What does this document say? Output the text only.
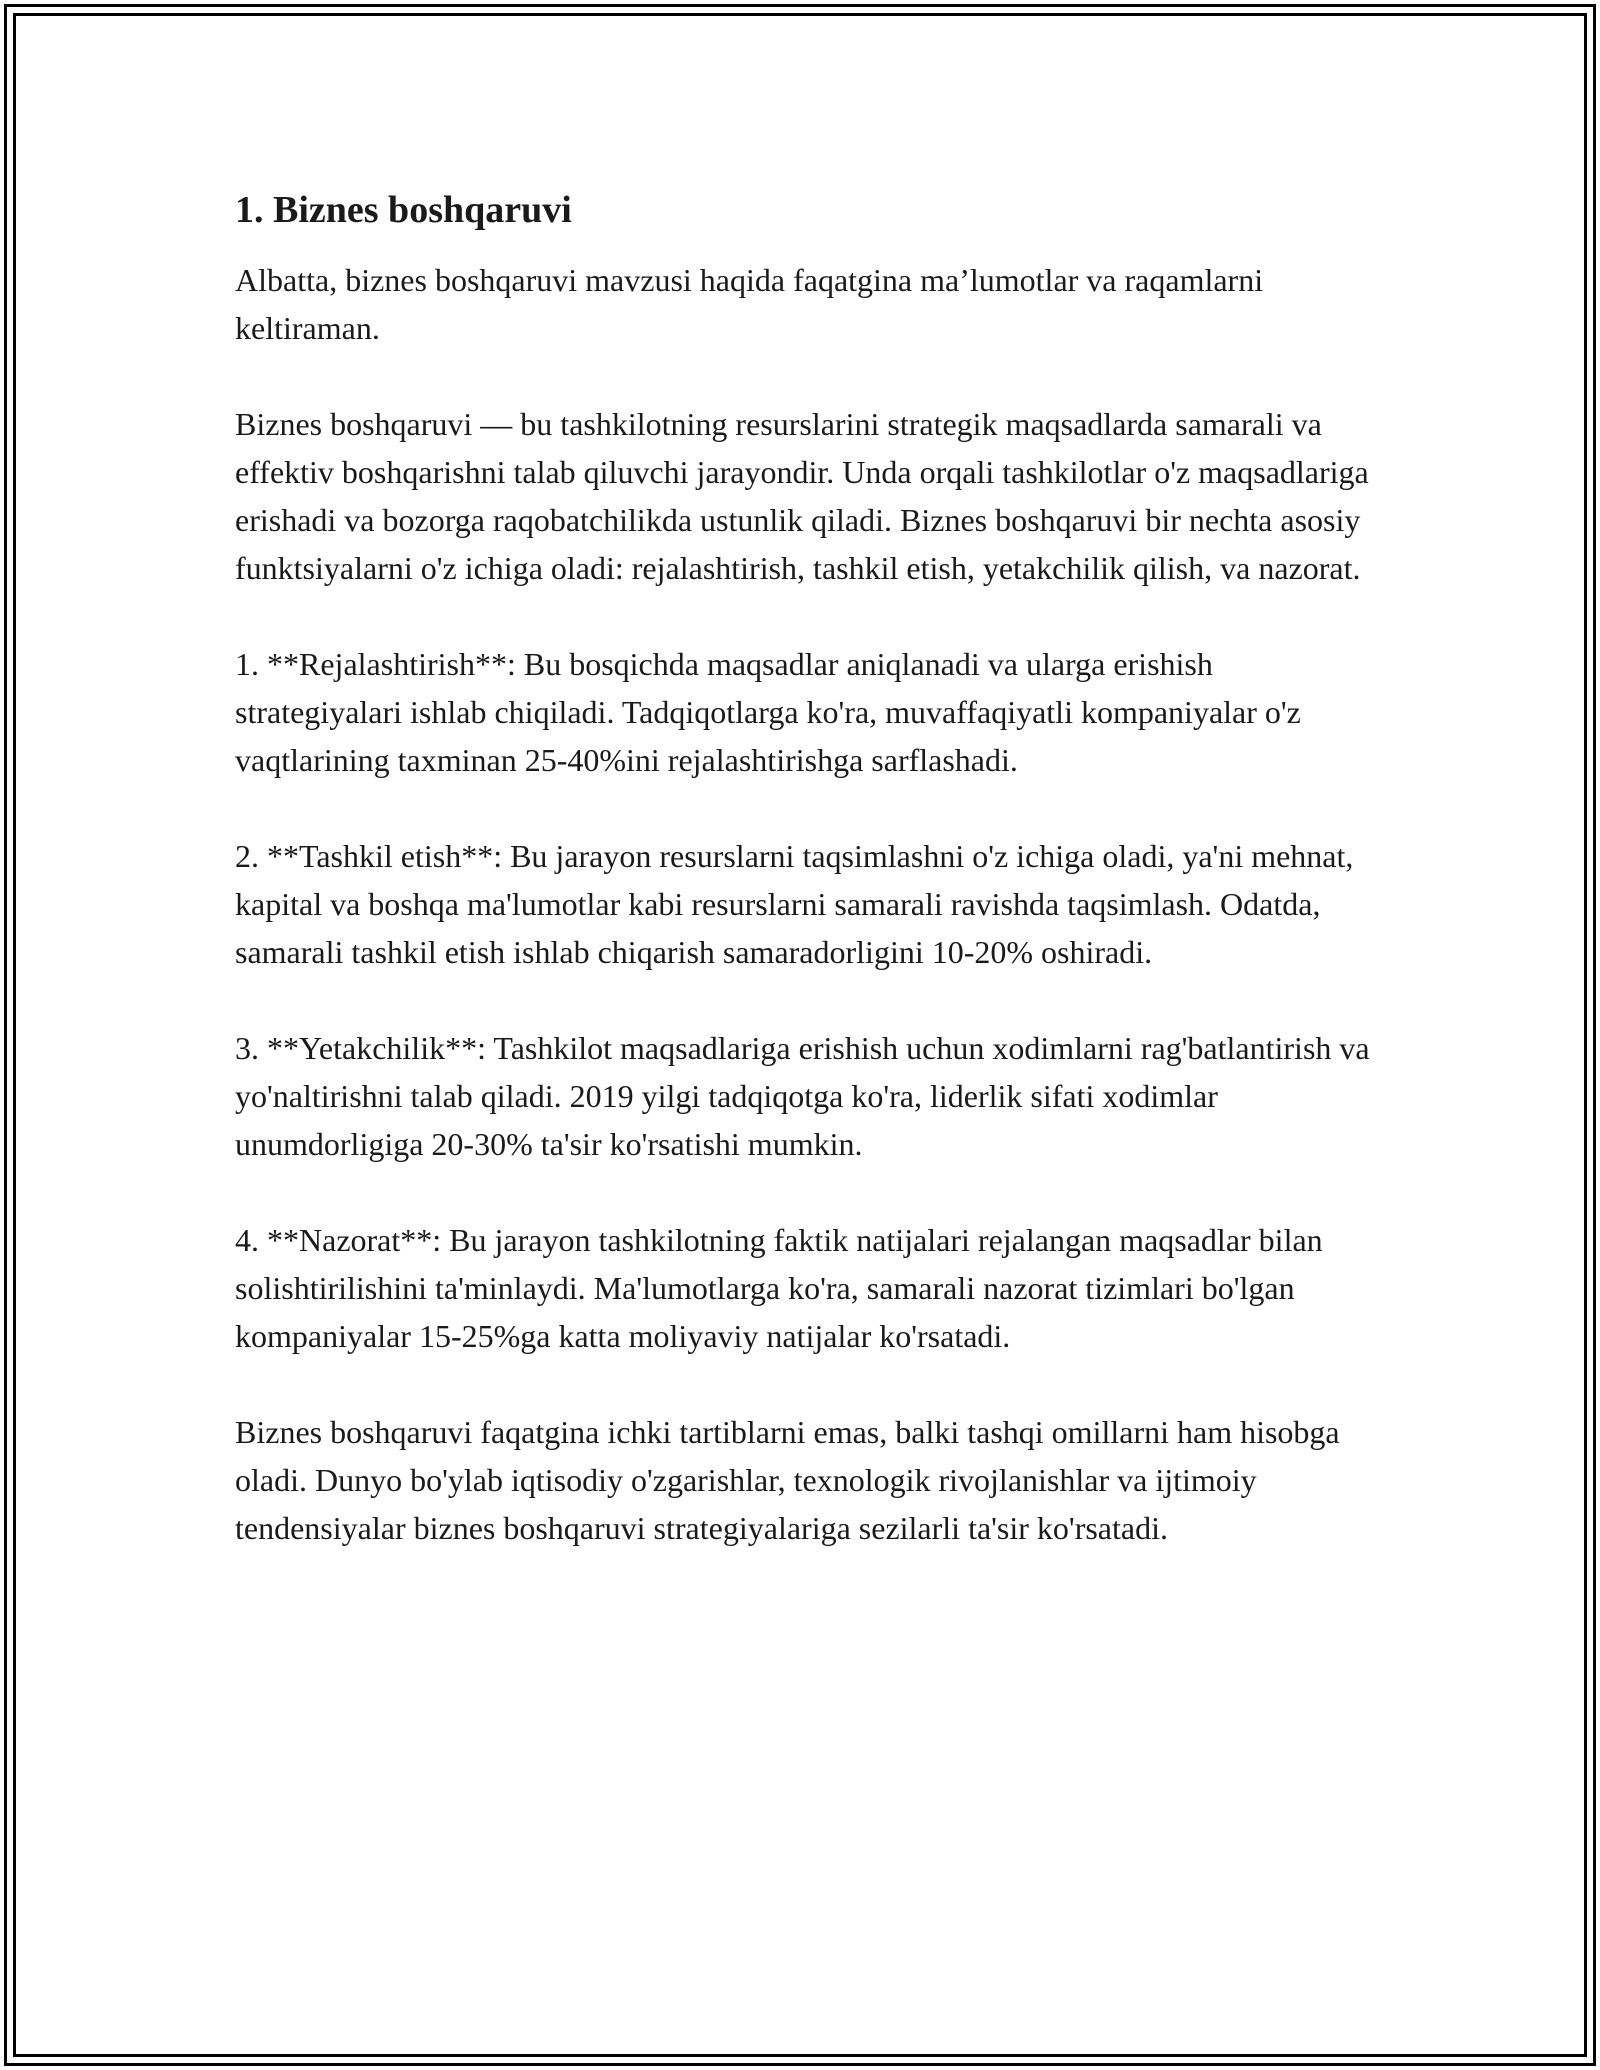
1. Biznes boshqaruvi

Albatta, biznes boshqaruvi mavzusi haqida faqatgina ma’lumotlar va raqamlarni keltiraman.

Biznes boshqaruvi — bu tashkilotning resurslarini strategik maqsadlarda samarali va effektiv boshqarishni talab qiluvchi jarayondir. Unda orqali tashkilotlar o'z maqsadlariga erishadi va bozorga raqobatchilikda ustunlik qiladi. Biznes boshqaruvi bir nechta asosiy funktsiyalarni o'z ichiga oladi: rejalashtirish, tashkil etish, yetakchilik qilish, va nazorat.

1. **Rejalashtirish**: Bu bosqichda maqsadlar aniqlanadi va ularga erishish strategiyalari ishlab chiqiladi. Tadqiqotlarga ko'ra, muvaffaqiyatli kompaniyalar o'z vaqtlarining taxminan 25-40%ini rejalashtirishga sarflashadi.

2. **Tashkil etish**: Bu jarayon resurslarni taqsimlashni o'z ichiga oladi, ya'ni mehnat, kapital va boshqa ma'lumotlar kabi resurslarni samarali ravishda taqsimlash. Odatda, samarali tashkil etish ishlab chiqarish samaradorligini 10-20% oshiradi.

3. **Yetakchilik**: Tashkilot maqsadlariga erishish uchun xodimlarni rag'batlantirish va yo'naltirishni talab qiladi. 2019 yilgi tadqiqotga ko'ra, liderlik sifati xodimlar unumdorligiga 20-30% ta'sir ko'rsatishi mumkin.

4. **Nazorat**: Bu jarayon tashkilotning faktik natijalari rejalangan maqsadlar bilan solishtirilishini ta'minlaydi. Ma'lumotlarga ko'ra, samarali nazorat tizimlari bo'lgan kompaniyalar 15-25%ga katta moliyaviy natijalar ko'rsatadi.

Biznes boshqaruvi faqatgina ichki tartiblarni emas, balki tashqi omillarni ham hisobga oladi. Dunyo bo'ylab iqtisodiy o'zgarishlar, texnologik rivojlanishlar va ijtimoiy tendensiyalar biznes boshqaruvi strategiyalariga sezilarli ta'sir ko'rsatadi.
